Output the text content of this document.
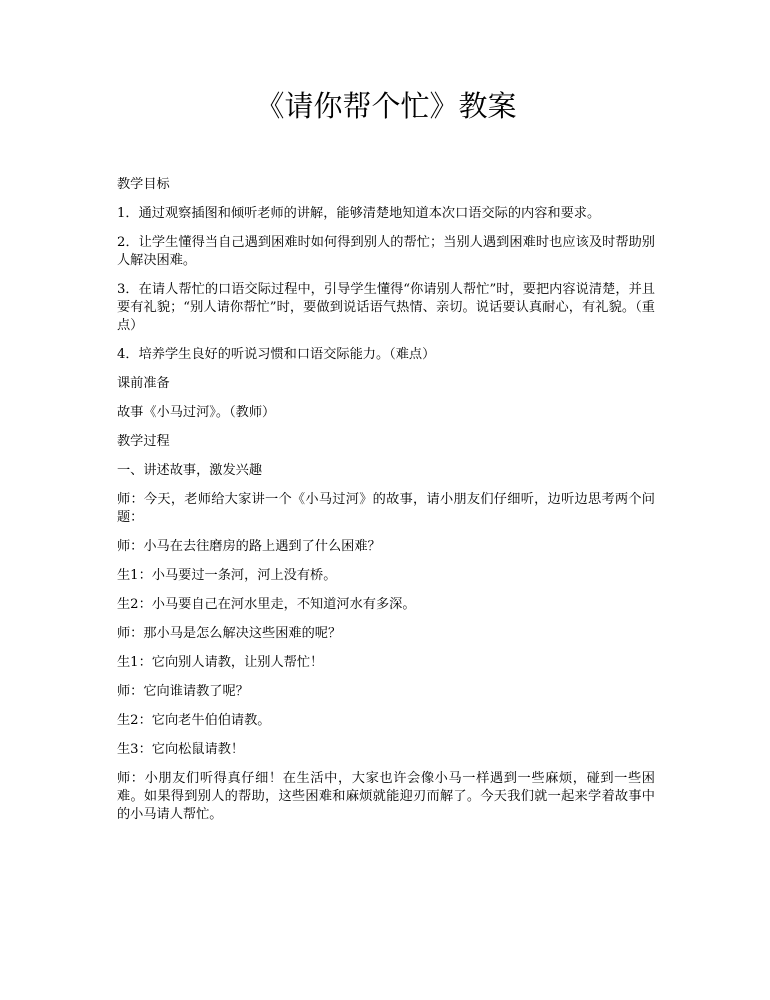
《请你帮个忙》教案

教学目标

1．通过观察插图和倾听老师的讲解，能够清楚地知道本次口语交际的内容和要求。

2．让学生懂得当自己遇到困难时如何得到别人的帮忙；当别人遇到困难时也应该及时帮助别人解决困难。

3．在请人帮忙的口语交际过程中，引导学生懂得“你请别人帮忙”时，要把内容说清楚，并且要有礼貌；“别人请你帮忙”时，要做到说话语气热情、亲切。说话要认真耐心，有礼貌。（重点）

4．培养学生良好的听说习惯和口语交际能力。（难点）

课前准备

故事《小马过河》。（教师）

教学过程

一、讲述故事，激发兴趣

师：今天，老师给大家讲一个《小马过河》的故事，请小朋友们仔细听，边听边思考两个问题：

师：小马在去往磨房的路上遇到了什么困难？

生1：小马要过一条河，河上没有桥。

生2：小马要自己在河水里走，不知道河水有多深。

师：那小马是怎么解决这些困难的呢？

生1：它向别人请教，让别人帮忙！

师：它向谁请教了呢？

生2：它向老牛伯伯请教。

生3：它向松鼠请教！

师：小朋友们听得真仔细！在生活中，大家也许会像小马一样遇到一些麻烦，碰到一些困难。如果得到别人的帮助，这些困难和麻烦就能迎刃而解了。今天我们就一起来学着故事中的小马请人帮忙。
